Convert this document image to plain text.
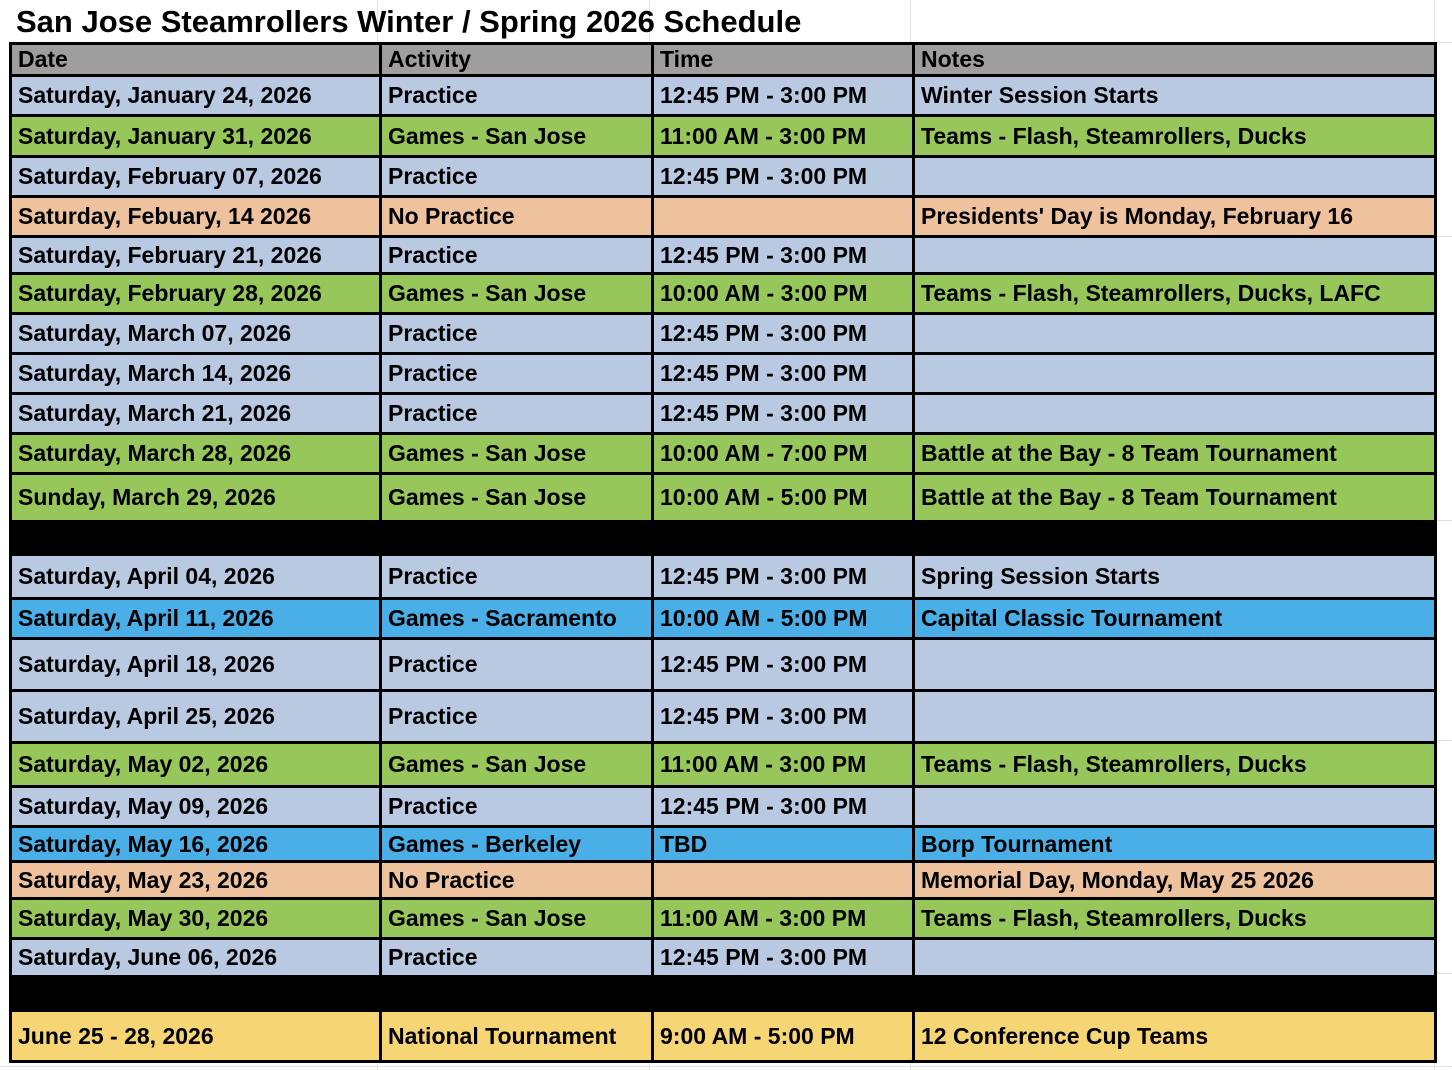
San Jose Steamrollers Winter / Spring 2026 Schedule
Date	Activity	Time	Notes
Saturday, January 24, 2026	Practice	12:45 PM - 3:00 PM	Winter Session Starts
Saturday, January 31, 2026	Games - San Jose	11:00 AM - 3:00 PM	Teams - Flash, Steamrollers, Ducks
Saturday, February 07, 2026	Practice	12:45 PM - 3:00 PM	
Saturday, Febuary, 14 2026	No Practice		Presidents' Day is Monday, February 16
Saturday, February 21, 2026	Practice	12:45 PM - 3:00 PM	
Saturday, February 28, 2026	Games - San Jose	10:00 AM - 3:00 PM	Teams - Flash, Steamrollers, Ducks, LAFC
Saturday, March 07, 2026	Practice	12:45 PM - 3:00 PM	
Saturday, March 14, 2026	Practice	12:45 PM - 3:00 PM	
Saturday, March 21, 2026	Practice	12:45 PM - 3:00 PM	
Saturday, March 28, 2026	Games - San Jose	10:00 AM - 7:00 PM	Battle at the Bay - 8 Team Tournament
Sunday, March 29, 2026	Games - San Jose	10:00 AM - 5:00 PM	Battle at the Bay - 8 Team Tournament

Saturday, April 04, 2026	Practice	12:45 PM - 3:00 PM	Spring Session Starts
Saturday, April 11, 2026	Games - Sacramento	10:00 AM - 5:00 PM	Capital Classic Tournament
Saturday, April 18, 2026	Practice	12:45 PM - 3:00 PM	
Saturday, April 25, 2026	Practice	12:45 PM - 3:00 PM	
Saturday, May 02, 2026	Games - San Jose	11:00 AM - 3:00 PM	Teams - Flash, Steamrollers, Ducks
Saturday, May 09, 2026	Practice	12:45 PM - 3:00 PM	
Saturday, May 16, 2026	Games - Berkeley	TBD	Borp Tournament
Saturday, May 23, 2026	No Practice		Memorial Day, Monday, May 25 2026
Saturday, May 30, 2026	Games - San Jose	11:00 AM - 3:00 PM	Teams - Flash, Steamrollers, Ducks
Saturday, June 06, 2026	Practice	12:45 PM - 3:00 PM	

June 25 - 28, 2026	National Tournament	9:00 AM - 5:00 PM	12 Conference Cup Teams
